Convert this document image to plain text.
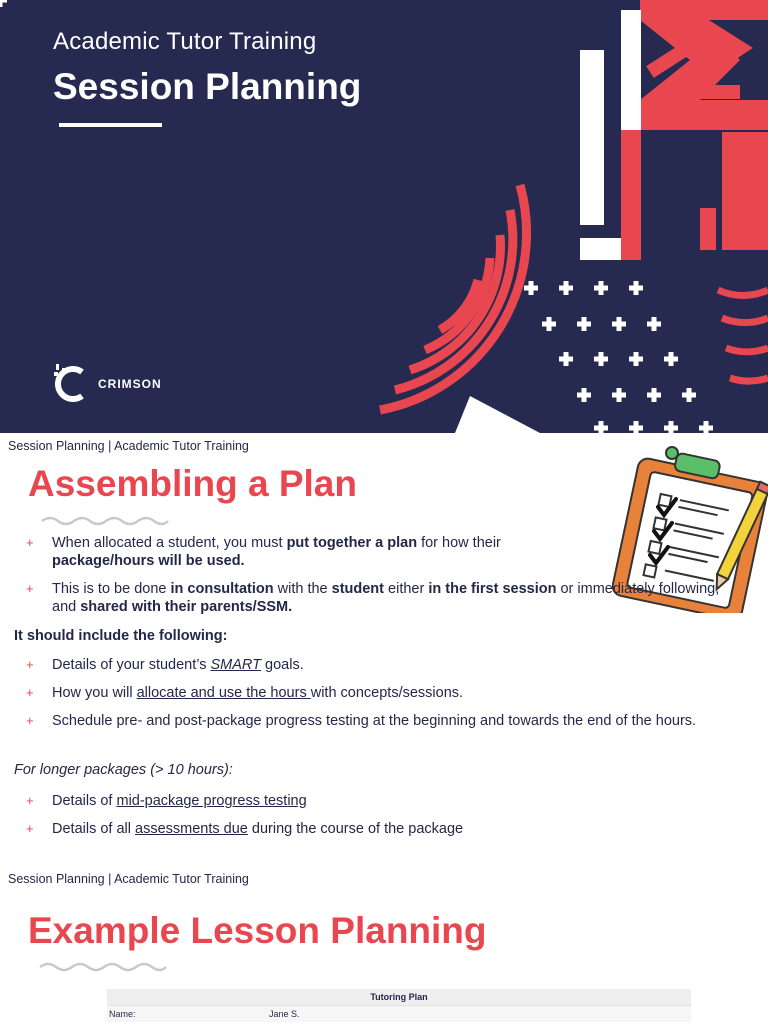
Academic Tutor Training
Session Planning
CRIMSON
Session Planning | Academic Tutor Training
Assembling a Plan
+ When allocated a student, you must put together a plan for how their
package/hours will be used.
+ This is to be done in consultation with the student either in the first session or immediately following, and shared with their parents/SSM.
It should include the following:
+ Details of your student’s SMART goals.
+ How you will allocate and use the hours with concepts/sessions.
+ Schedule pre- and post-package progress testing at the beginning and towards the end of the hours.
For longer packages (> 10 hours):
+ Details of mid-package progress testing
+ Details of all assessments due during the course of the package
Session Planning | Academic Tutor Training
Example Lesson Planning
Tutoring Plan
Name:	Jane S.
